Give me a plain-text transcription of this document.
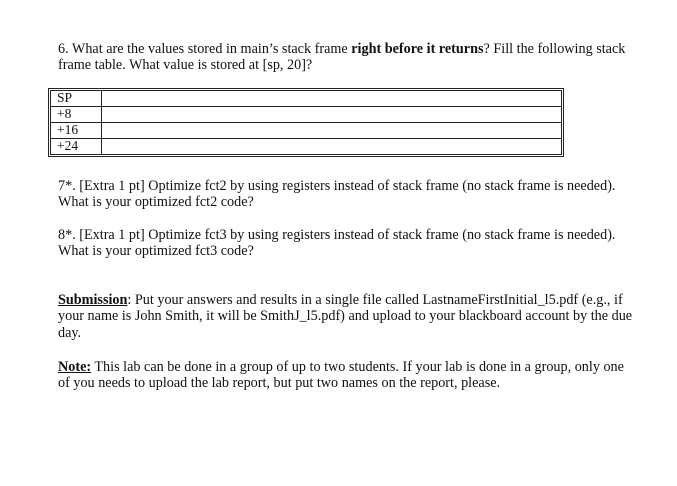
6. What are the values stored in main’s stack frame right before it returns? Fill the following stack frame table. What value is stored at [sp, 20]?

SP	
+8	
+16	
+24	

7*. [Extra 1 pt] Optimize fct2 by using registers instead of stack frame (no stack frame is needed). What is your optimized fct2 code?

8*. [Extra 1 pt] Optimize fct3 by using registers instead of stack frame (no stack frame is needed). What is your optimized fct3 code?

Submission: Put your answers and results in a single file called LastnameFirstInitial_l5.pdf (e.g., if your name is John Smith, it will be SmithJ_l5.pdf) and upload to your blackboard account by the due day.

Note: This lab can be done in a group of up to two students. If your lab is done in a group, only one of you needs to upload the lab report, but put two names on the report, please.
